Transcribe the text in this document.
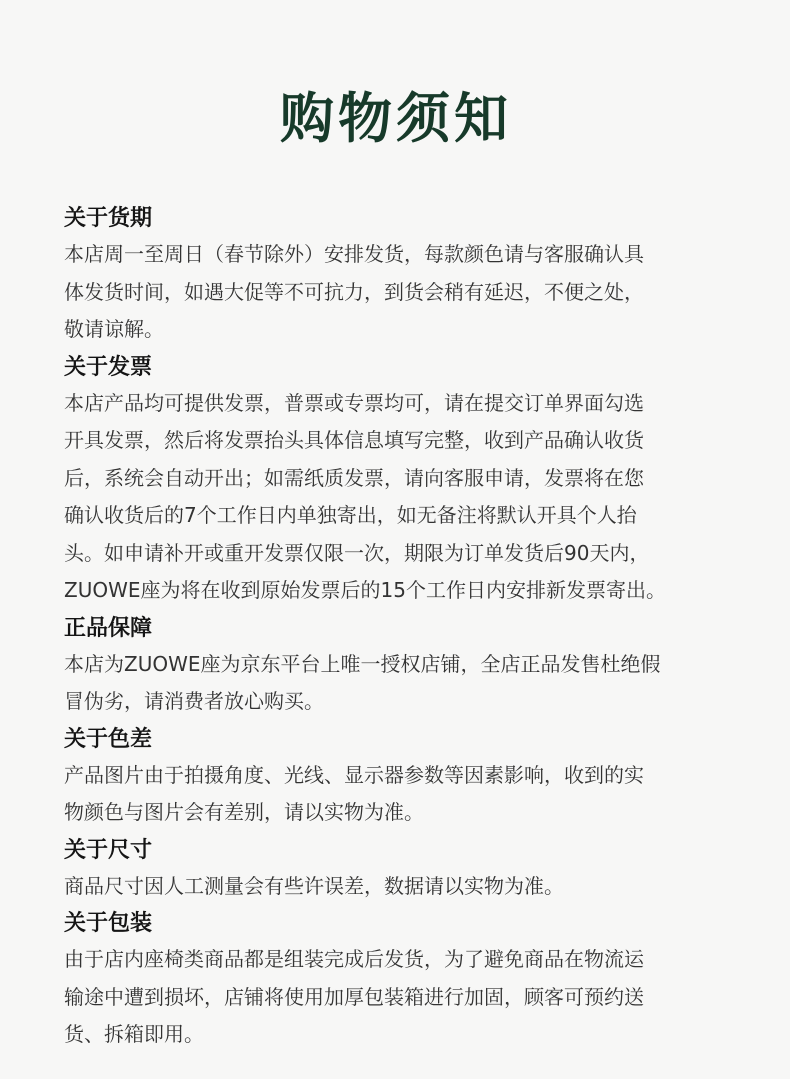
购物须知

关于货期

本店周一至周日（春节除外）安排发货，每款颜色请与客服确认具
体发货时间，如遇大促等不可抗力，到货会稍有延迟，不便之处，
敬请谅解。

关于发票

本店产品均可提供发票，普票或专票均可，请在提交订单界面勾选
开具发票，然后将发票抬头具体信息填写完整，收到产品确认收货
后，系统会自动开出；如需纸质发票，请向客服申请，发票将在您
确认收货后的7个工作日内单独寄出，如无备注将默认开具个人抬
头。如申请补开或重开发票仅限一次，期限为订单发货后90天内，
ZUOWE座为将在收到原始发票后的15个工作日内安排新发票寄出。

正品保障

本店为ZUOWE座为京东平台上唯一授权店铺，全店正品发售杜绝假
冒伪劣，请消费者放心购买。

关于色差

产品图片由于拍摄角度、光线、显示器参数等因素影响，收到的实
物颜色与图片会有差别，请以实物为准。

关于尺寸

商品尺寸因人工测量会有些许误差，数据请以实物为准。

关于包装

由于店内座椅类商品都是组装完成后发货，为了避免商品在物流运
输途中遭到损坏，店铺将使用加厚包装箱进行加固，顾客可预约送
货、拆箱即用。
